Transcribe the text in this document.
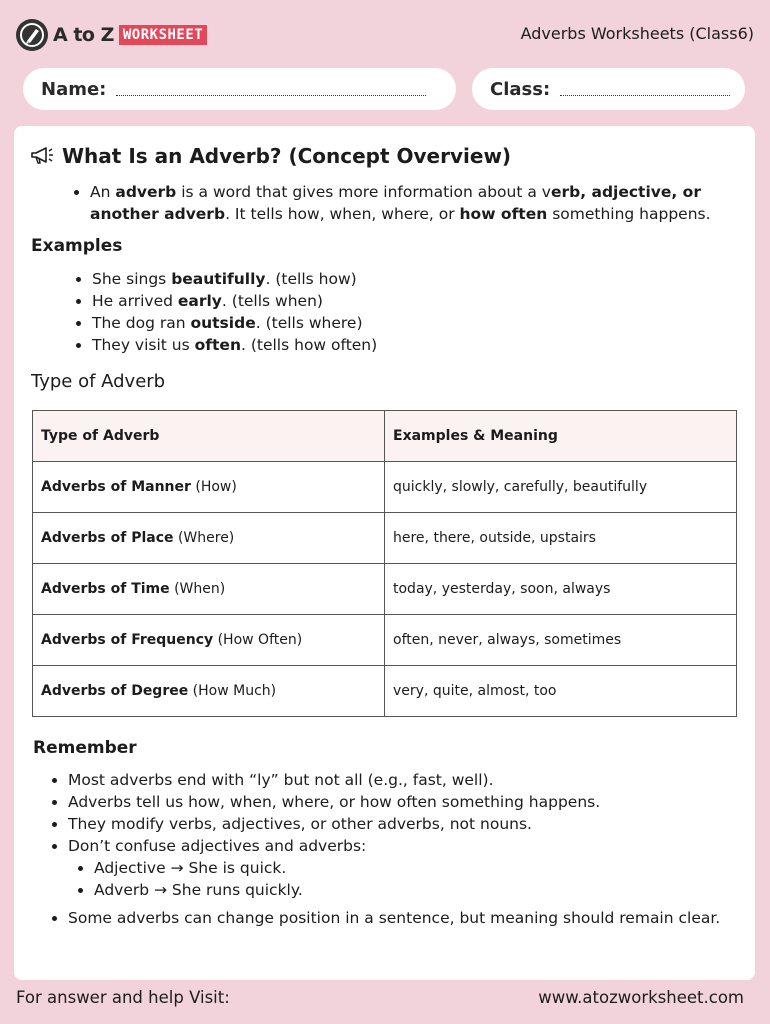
A to Z WORKSHEET	Adverbs Worksheets (Class6)
Name:	Class:
What Is an Adverb? (Concept Overview)
An adverb is a word that gives more information about a verb, adjective, or another adverb. It tells how, when, where, or how often something happens.
Examples
She sings beautifully. (tells how)
He arrived early. (tells when)
The dog ran outside. (tells where)
They visit us often. (tells how often)
Type of Adverb
Type of Adverb	Examples & Meaning
Adverbs of Manner (How)	quickly, slowly, carefully, beautifully
Adverbs of Place (Where)	here, there, outside, upstairs
Adverbs of Time (When)	today, yesterday, soon, always
Adverbs of Frequency (How Often)	often, never, always, sometimes
Adverbs of Degree (How Much)	very, quite, almost, too
Remember
Most adverbs end with “ly” but not all (e.g., fast, well).
Adverbs tell us how, when, where, or how often something happens.
They modify verbs, adjectives, or other adverbs, not nouns.
Don’t confuse adjectives and adverbs:
Adjective → She is quick.
Adverb → She runs quickly.
Some adverbs can change position in a sentence, but meaning should remain clear.
For answer and help Visit:	www.atozworksheet.com
